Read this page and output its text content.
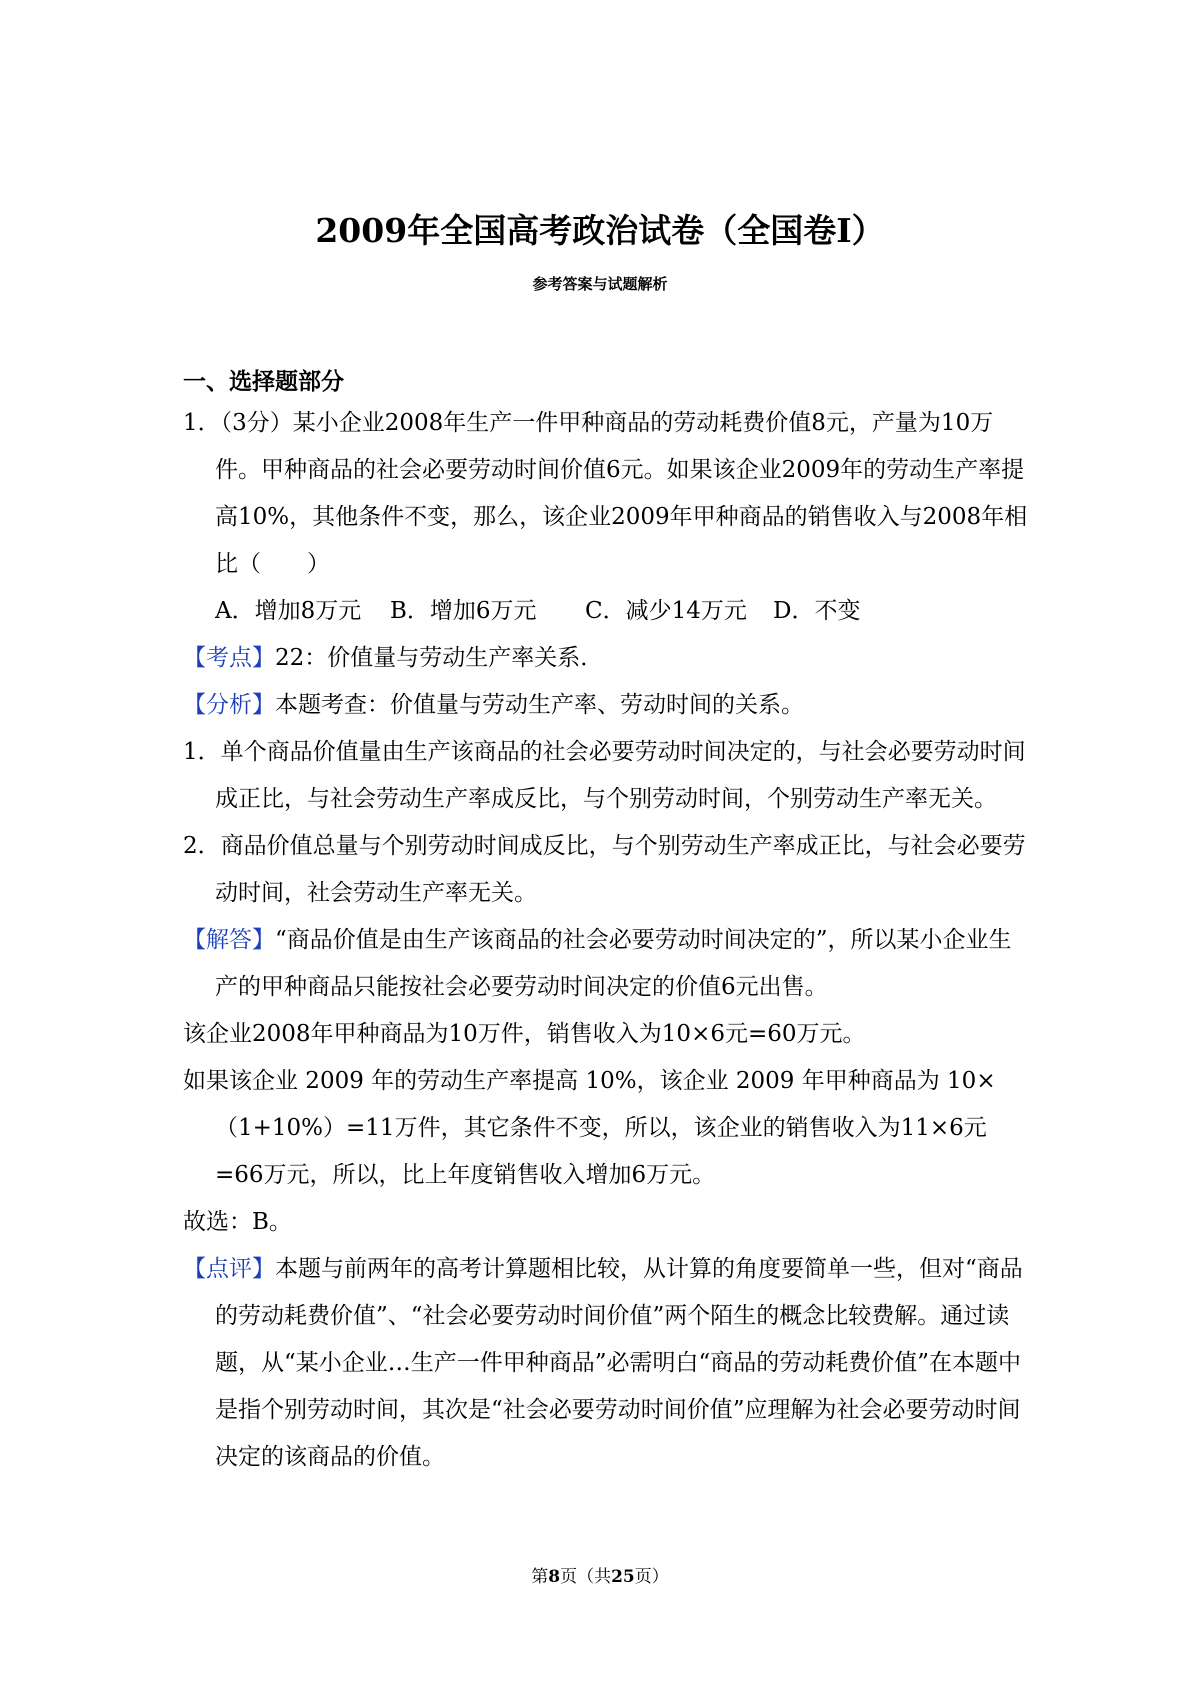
2009年全国高考政治试卷（全国卷Ⅰ）
参考答案与试题解析
一、选择题部分

1．（3分）某小企业2008年生产一件甲种商品的劳动耗费价值8元，产量为10万件。甲种商品的社会必要劳动时间价值6元。如果该企业2009年的劳动生产率提高10%，其他条件不变，那么，该企业2009年甲种商品的销售收入与2008年相比（　　）

A．增加8万元 B．增加6万元 C．减少14万元 D．不变

【考点】22：价值量与劳动生产率关系．

【分析】本题考查：价值量与劳动生产率、劳动时间的关系。

1．单个商品价值量由生产该商品的社会必要劳动时间决定的，与社会必要劳动时间成正比，与社会劳动生产率成反比，与个别劳动时间，个别劳动生产率无关。

2．商品价值总量与个别劳动时间成反比，与个别劳动生产率成正比，与社会必要劳动时间，社会劳动生产率无关。

【解答】“商品价值是由生产该商品的社会必要劳动时间决定的”，所以某小企业生产的甲种商品只能按社会必要劳动时间决定的价值6元出售。

该企业2008年甲种商品为10万件，销售收入为10×6元=60万元。

如果该企业 2009 年的劳动生产率提高 10%，该企业 2009 年甲种商品为 10×（1+10%）=11万件，其它条件不变，所以，该企业的销售收入为11×6元=66万元，所以，比上年度销售收入增加6万元。

故选：B。

【点评】本题与前两年的高考计算题相比较，从计算的角度要简单一些，但对“商品的劳动耗费价值”、“社会必要劳动时间价值”两个陌生的概念比较费解。通过读题，从“某小企业…生产一件甲种商品”必需明白“商品的劳动耗费价值”在本题中是指个别劳动时间，其次是“社会必要劳动时间价值”应理解为社会必要劳动时间决定的该商品的价值。

第8页（共25页）
